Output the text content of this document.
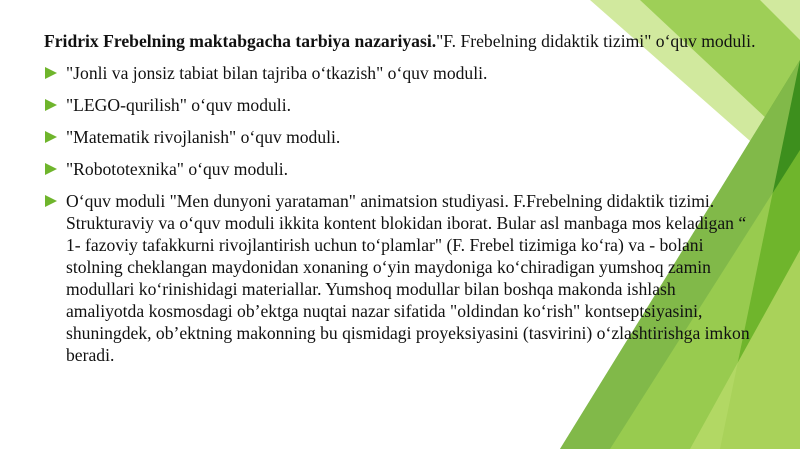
Fridrix Frebelning maktabgacha tarbiya nazariyasi."F. Frebelning didaktik tizimi" o‘quv moduli.

"Jonli va jonsiz tabiat bilan tajriba o‘tkazish" o‘quv moduli.
"LEGO-qurilish" o‘quv moduli.
"Matematik rivojlanish" o‘quv moduli.
"Robototexnika" o‘quv moduli.
O‘quv moduli "Men dunyoni yarataman" animatsion studiyasi. F.Frebelning didaktik tizimi. Strukturaviy va o‘quv moduli ikkita kontent blokidan iborat. Bular asl manbaga mos keladigan “ 1- fazoviy tafakkurni rivojlantirish uchun to‘plamlar" (F. Frebel tizimiga ko‘ra) va - bolani stolning cheklangan maydonidan xonaning o‘yin maydoniga ko‘chiradigan yumshoq zamin modullari ko‘rinishidagi materiallar. Yumshoq modullar bilan boshqa makonda ishlash amaliyotda kosmosdagi ob’ektga nuqtai nazar sifatida "oldindan ko‘rish" kontseptsiyasini, shuningdek, ob’ektning makonning bu qismidagi proyeksiyasini (tasvirini) o‘zlashtirishga imkon beradi.
